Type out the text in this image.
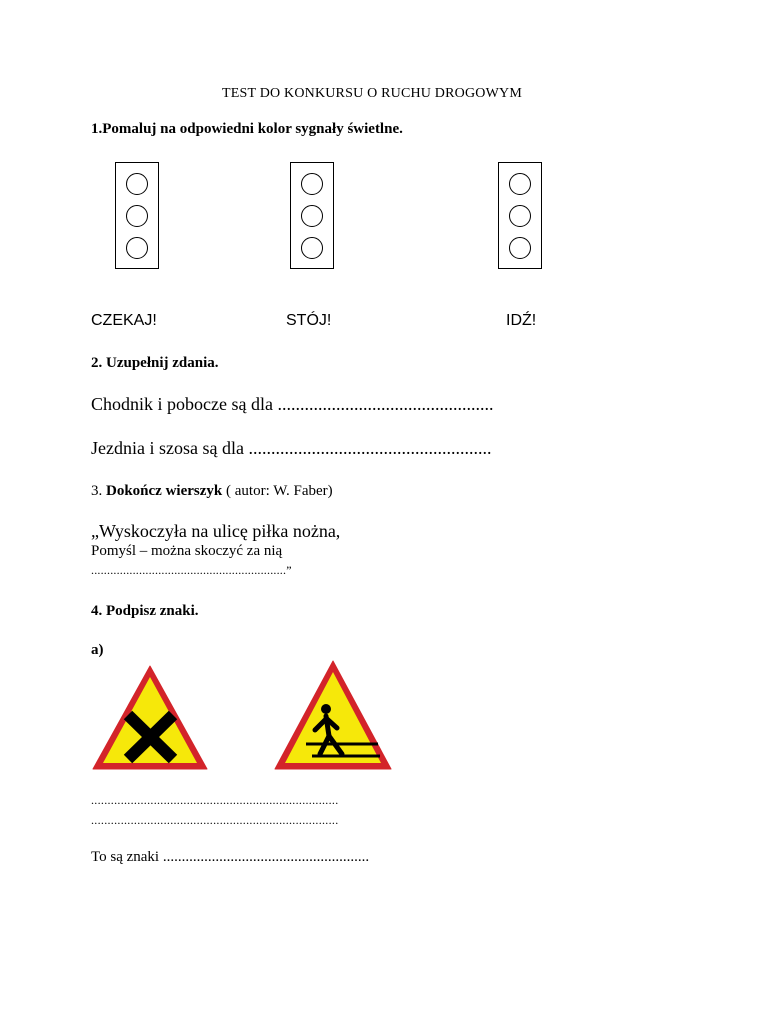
TEST DO KONKURSU O RUCHU DROGOWYM
1.Pomaluj na odpowiedni kolor sygnały świetlne.
CZEKAJ!	STÓJ!	IDŹ!
2. Uzupełnij zdania.
Chodnik i pobocze są dla ................................................
Jezdnia i szosa są dla ......................................................
3. Dokończ wierszyk ( autor: W. Faber)
„Wyskoczyła na ulicę piłka nożna,
Pomyśl – można skoczyć za nią
.............................................................”
4. Podpisz znaki.
a)
...........................................................................
...........................................................................
To są znaki .......................................................
